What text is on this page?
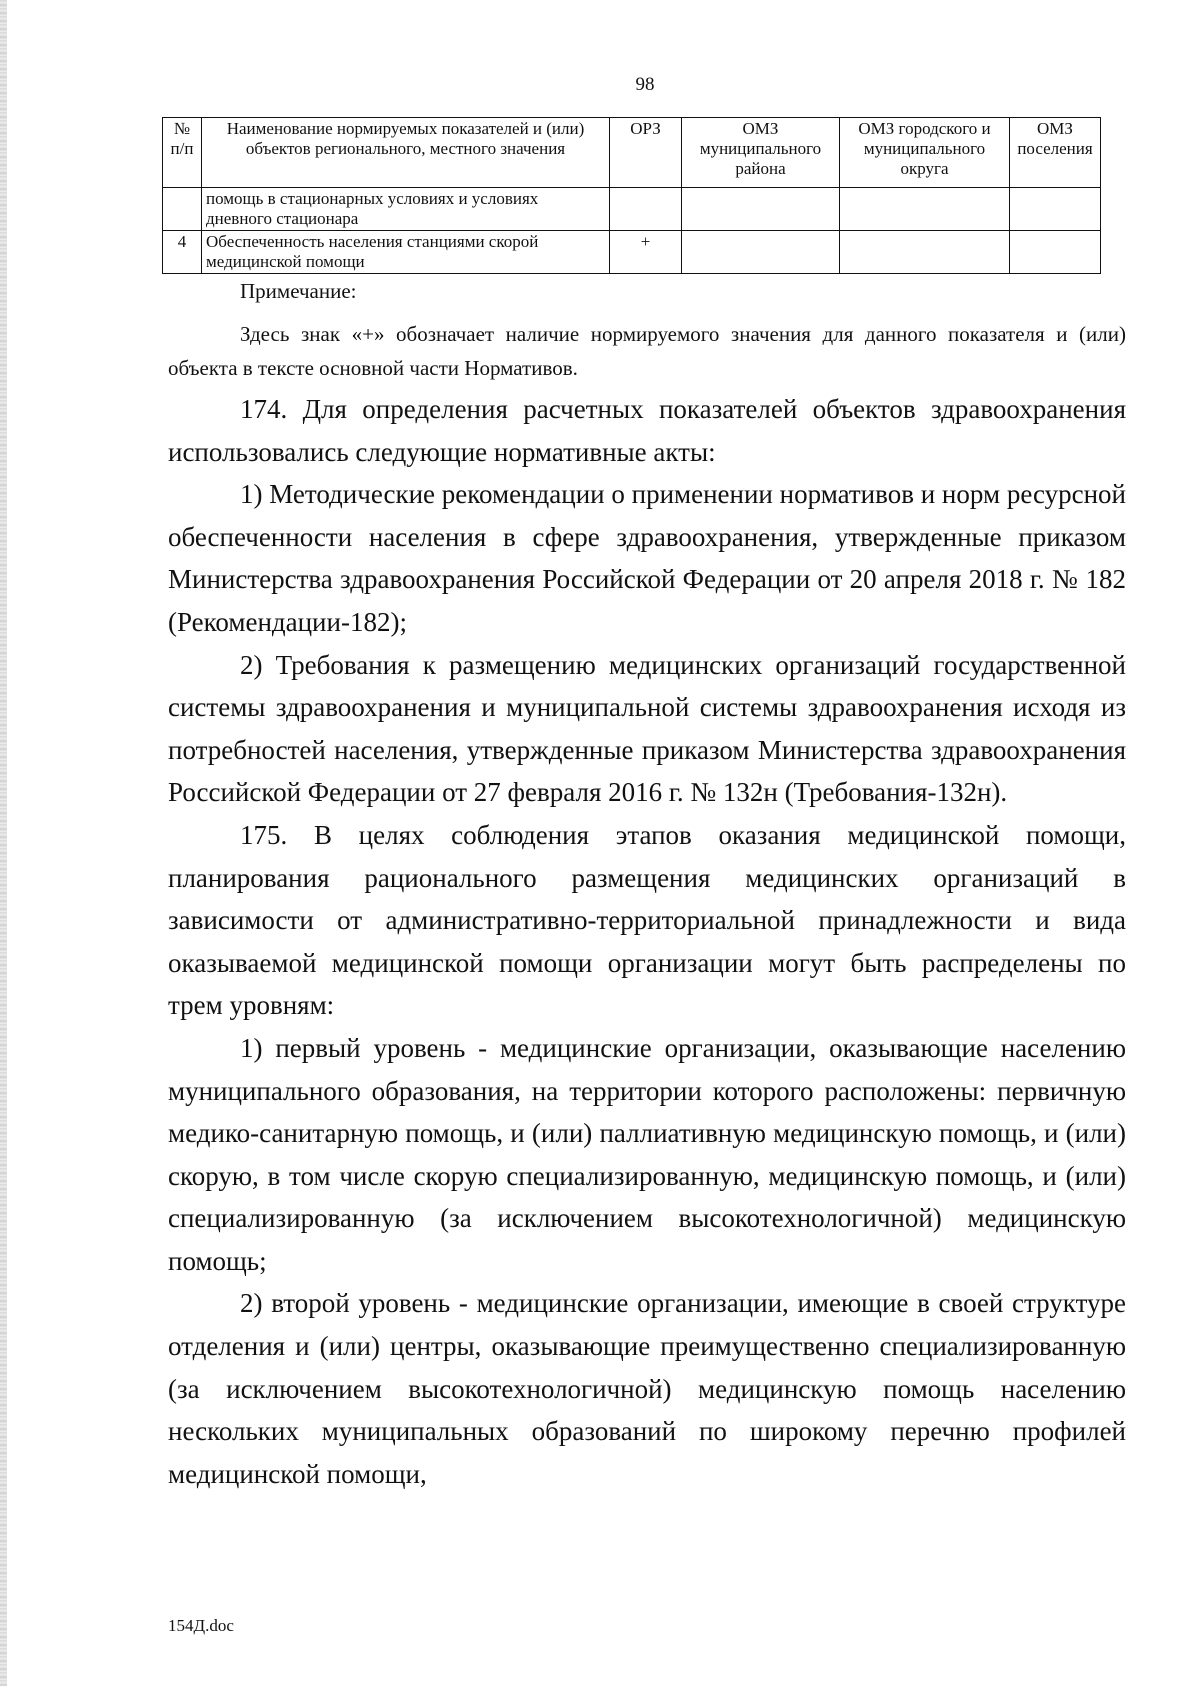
98
№ п/п	Наименование нормируемых показателей и (или) объектов регионального, местного значения	ОРЗ	ОМЗ муниципального района	ОМЗ городского и муниципального округа	ОМЗ поселения
	помощь в стационарных условиях и условиях дневного стационара				
4	Обеспеченность населения станциями скорой медицинской помощи	+			
Примечание:
Здесь знак «+» обозначает наличие нормируемого значения для данного показателя и (или) объекта в тексте основной части Нормативов.

174. Для определения расчетных показателей объектов здравоохранения использовались следующие нормативные акты:

1) Методические рекомендации о применении нормативов и норм ресурсной обеспеченности населения в сфере здравоохранения, утвержденные приказом Министерства здравоохранения Российской Федерации от 20 апреля 2018 г. № 182 (Рекомендации-182);

2) Требования к размещению медицинских организаций государственной системы здравоохранения и муниципальной системы здравоохранения исходя из потребностей населения, утвержденные приказом Министерства здравоохранения Российской Федерации от 27 февраля 2016 г. № 132н (Требования-132н).

175. В целях соблюдения этапов оказания медицинской помощи, планирования рационального размещения медицинских организаций в зависимости от административно-территориальной принадлежности и вида оказываемой медицинской помощи организации могут быть распределены по трем уровням:

1) первый уровень - медицинские организации, оказывающие населению муниципального образования, на территории которого расположены: первичную медико-санитарную помощь, и (или) паллиативную медицинскую помощь, и (или) скорую, в том числе скорую специализированную, медицинскую помощь, и (или) специализированную (за исключением высокотехнологичной) медицинскую помощь;

2) второй уровень - медицинские организации, имеющие в своей структуре отделения и (или) центры, оказывающие преимущественно специализированную (за исключением высокотехнологичной) медицинскую помощь населению нескольких муниципальных образований по широкому перечню профилей медицинской помощи,

154Д.doc
